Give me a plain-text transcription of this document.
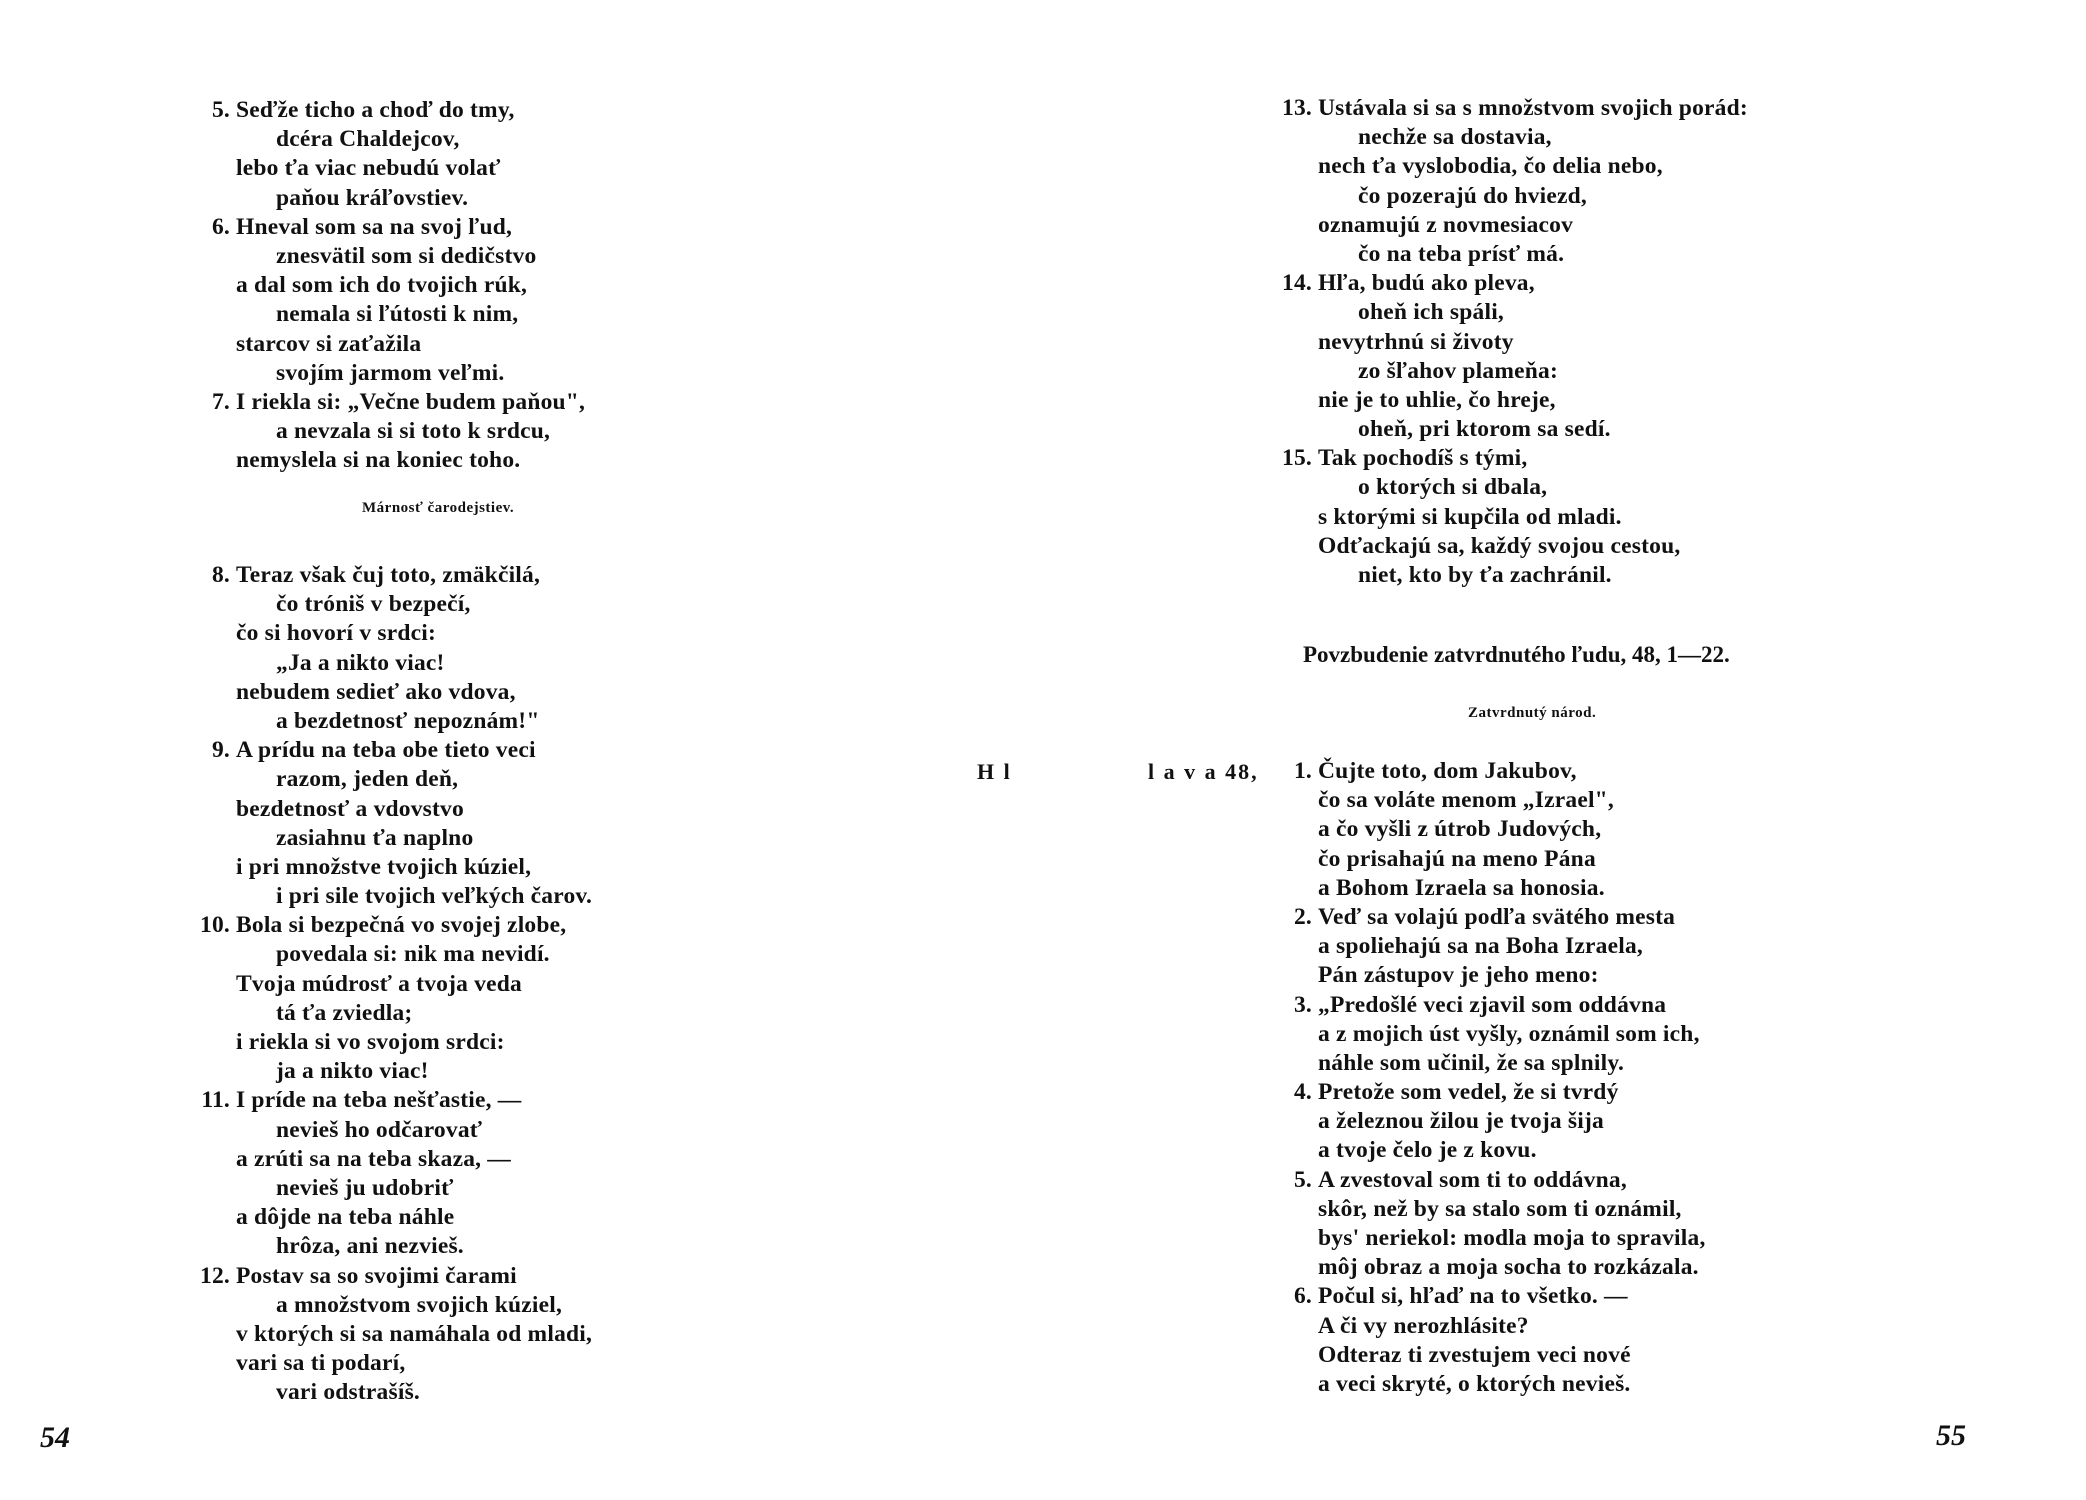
5. Seďže ticho a choď do tmy,
dcéra Chaldejcov,
lebo ťa viac nebudú volať
paňou kráľovstiev.
6. Hneval som sa na svoj ľud,
znesvätil som si dedičstvo
a dal som ich do tvojich rúk,
nemala si ľútosti k nim,
starcov si zaťažila
svojím jarmom veľmi.
7. I riekla si: „Večne budem paňou",
a nevzala si si toto k srdcu,
nemyslela si na koniec toho.
Márnosť čarodejstiev.
8. Teraz však čuj toto, zmäkčilá,
čo tróniš v bezpečí,
čo si hovorí v srdci:
„Ja a nikto viac!
nebudem sedieť ako vdova,
a bezdetnosť nepoznám!"
9. A prídu na teba obe tieto veci
razom, jeden deň,
bezdetnosť a vdovstvo
zasiahnu ťa naplno
i pri množstve tvojich kúziel,
i pri sile tvojich veľkých čarov.
10. Bola si bezpečná vo svojej zlobe,
povedala si: nik ma nevidí.
Tvoja múdrosť a tvoja veda
tá ťa zviedla;
i riekla si vo svojom srdci:
ja a nikto viac!
11. I príde na teba nešťastie, —
nevieš ho odčarovať
a zrúti sa na teba skaza, —
nevieš ju udobriť
a dôjde na teba náhle
hrôza, ani nezvieš.
12. Postav sa so svojimi čarami
a množstvom svojich kúziel,
v ktorých si sa namáhala od mladi,
vari sa ti podarí,
vari odstrašíš.
54
13. Ustávala si sa s množstvom svojich porád:
nechže sa dostavia,
nech ťa vyslobodia, čo delia nebo,
čo pozerajú do hviezd,
oznamujú z novmesiacov
čo na teba prísť má.
14. Hľa, budú ako pleva,
oheň ich spáli,
nevytrhnú si životy
zo šľahov plameňa:
nie je to uhlie, čo hreje,
oheň, pri ktorom sa sedí.
15. Tak pochodíš s tými,
o ktorých si dbala,
s ktorými si kupčila od mladi.
Odťackajú sa, každý svojou cestou,
niet, kto by ťa zachránil.
Povzbudenie zatvrdnutého ľudu, 48, 1—22.
Zatvrdnutý národ.
H l	l a v a 48,	1. Čujte toto, dom Jakubov,
čo sa voláte menom „Izrael",
a čo vyšli z útrob Judových,
čo prisahajú na meno Pána
a Bohom Izraela sa honosia.
2. Veď sa volajú podľa svätého mesta
a spoliehajú sa na Boha Izraela,
Pán zástupov je jeho meno:
3. „Predošlé veci zjavil som oddávna
a z mojich úst vyšly, oznámil som ich,
náhle som učinil, že sa splnily.
4. Pretože som vedel, že si tvrdý
a železnou žilou je tvoja šija
a tvoje čelo je z kovu.
5. A zvestoval som ti to oddávna,
skôr, než by sa stalo som ti oznámil,
bys' neriekol: modla moja to spravila,
môj obraz a moja socha to rozkázala.
6. Počul si, hľaď na to všetko. —
A či vy nerozhlásite?
Odteraz ti zvestujem veci nové
a veci skryté, o ktorých nevieš.
55
